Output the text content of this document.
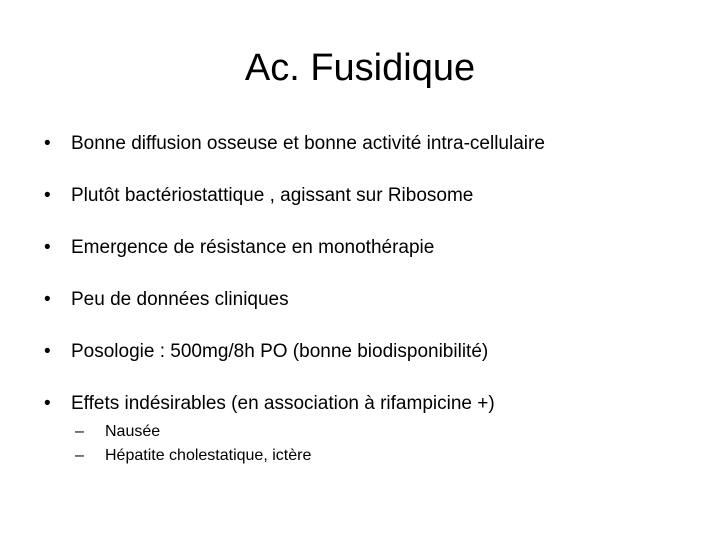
Ac. Fusidique
• Bonne diffusion osseuse et bonne activité intra-cellulaire
• Plutôt bactériostattique , agissant sur Ribosome
• Emergence de résistance en monothérapie
• Peu de données cliniques
• Posologie : 500mg/8h PO (bonne biodisponibilité)
• Effets indésirables (en association à rifampicine +)
– Nausée
– Hépatite cholestatique, ictère
